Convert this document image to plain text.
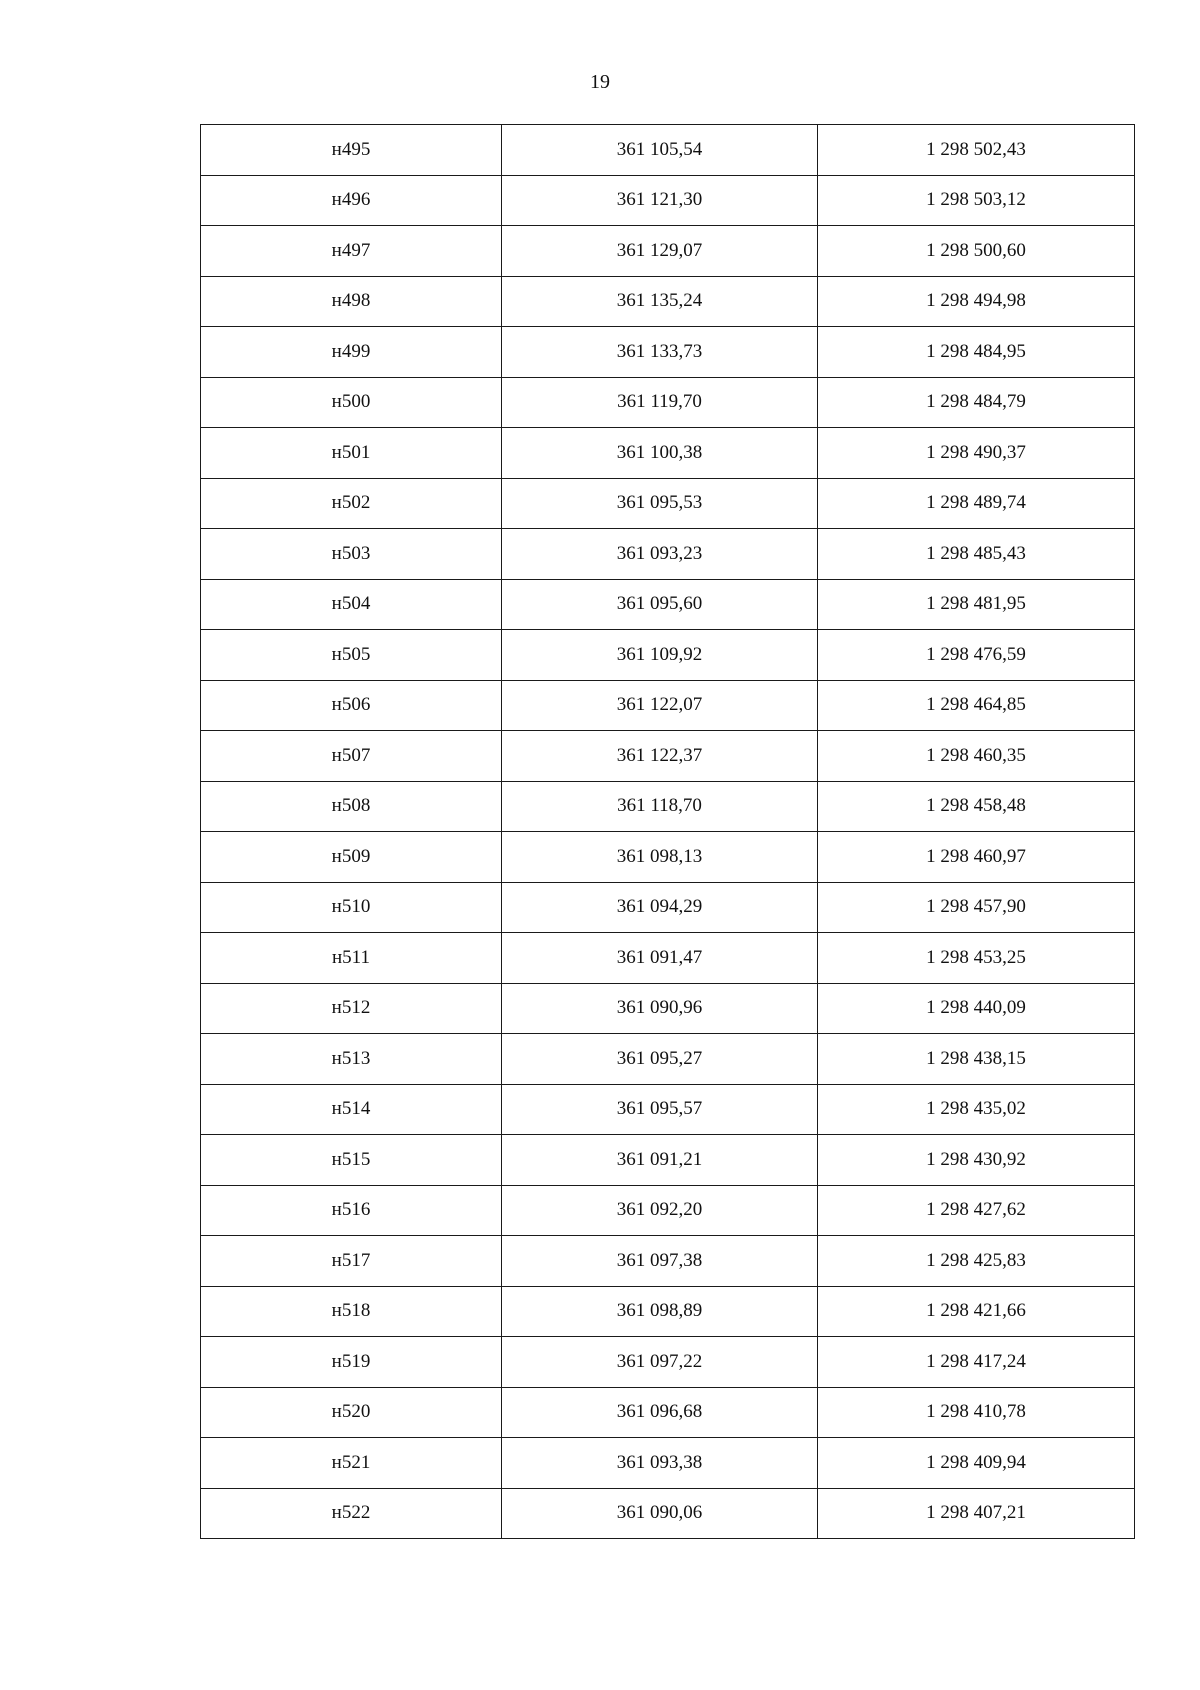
19
н495	361 105,54	1 298 502,43
н496	361 121,30	1 298 503,12
н497	361 129,07	1 298 500,60
н498	361 135,24	1 298 494,98
н499	361 133,73	1 298 484,95
н500	361 119,70	1 298 484,79
н501	361 100,38	1 298 490,37
н502	361 095,53	1 298 489,74
н503	361 093,23	1 298 485,43
н504	361 095,60	1 298 481,95
н505	361 109,92	1 298 476,59
н506	361 122,07	1 298 464,85
н507	361 122,37	1 298 460,35
н508	361 118,70	1 298 458,48
н509	361 098,13	1 298 460,97
н510	361 094,29	1 298 457,90
н511	361 091,47	1 298 453,25
н512	361 090,96	1 298 440,09
н513	361 095,27	1 298 438,15
н514	361 095,57	1 298 435,02
н515	361 091,21	1 298 430,92
н516	361 092,20	1 298 427,62
н517	361 097,38	1 298 425,83
н518	361 098,89	1 298 421,66
н519	361 097,22	1 298 417,24
н520	361 096,68	1 298 410,78
н521	361 093,38	1 298 409,94
н522	361 090,06	1 298 407,21
